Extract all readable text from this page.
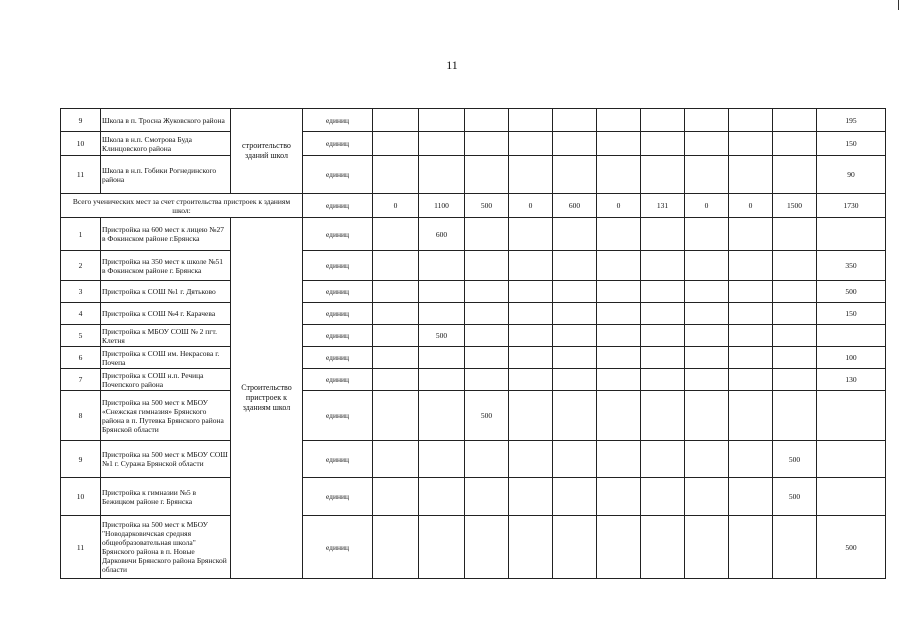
11
9	Школа в п. Тросна Жуковского района	строительство зданий школ	единиц											195
10	Школа в н.п. Смотрова Буда Клинцовского района		единиц											150
11	Школа в н.п. Гобики Рогнединского района		единиц											90
Всего ученических мест за счет строительства пристроек к зданиям школ:			единиц	0	1100	500	0	600	0	131	0	0	1500	1730
1	Пристройка на 600 мест к лицею №27 в Фокинском районе г.Брянска	Строительство пристроек к зданиям школ	единиц		600									
2	Пристройка на 350 мест к школе №51 в Фокинском районе г. Брянска		единиц											350
3	Пристройка к СОШ №1 г. Дятьково		единиц											500
4	Пристройка к СОШ №4 г. Карачева		единиц											150
5	Пристройка к МБОУ СОШ № 2 пгт. Клетня		единиц		500									
6	Пристройка к СОШ им. Некрасова г. Почепа		единиц											100
7	Пристройка к СОШ н.п. Речица Почепского района		единиц											130
8	Пристройка на 500 мест к МБОУ «Снежская гимназия» Брянского района в п. Путевка Брянского района Брянской области		единиц			500								
9	Пристройка на 500 мест к МБОУ СОШ №1 г. Суража Брянской области		единиц										500	
10	Пристройка к гимназии №5 в Бежицком районе г. Брянска		единиц										500	
11	Пристройка на 500 мест к МБОУ "Новодарковичская средняя общеобразовательная школа" Брянского района в п. Новые Дарковичи Брянского района Брянской области		единиц											500
